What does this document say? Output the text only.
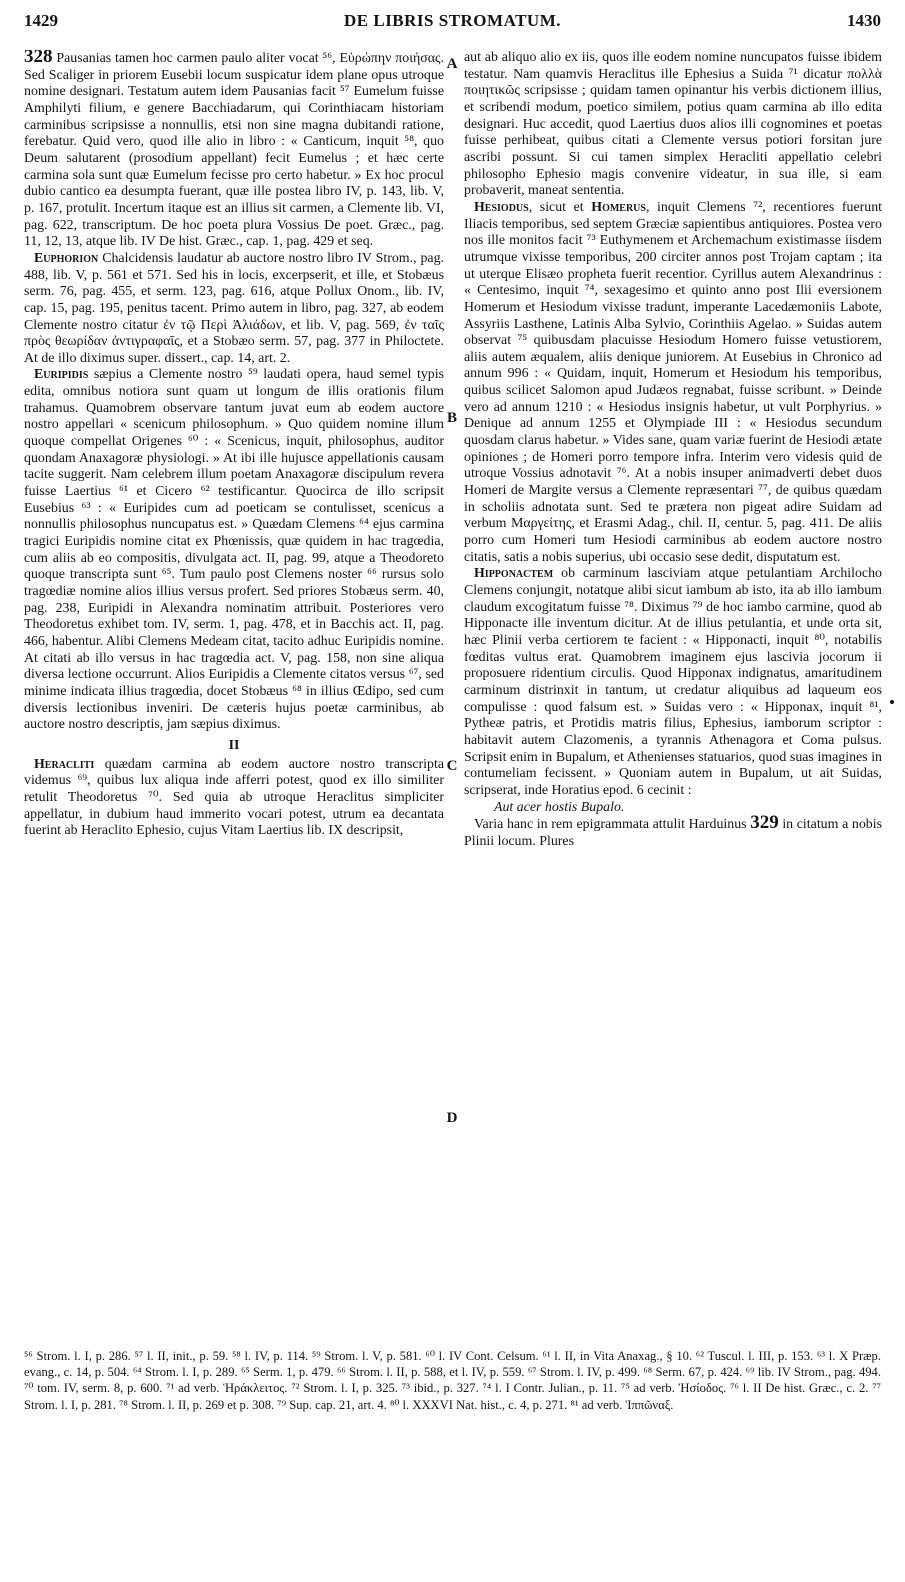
1429	DE LIBRIS STROMATUM.	1430
A
B
C
D

328 Pausanias tamen hoc carmen paulo aliter vocat ⁵⁶, Εὐρώπην ποιήσας. Sed Scaliger in priorem Eusebii locum suspicatur idem plane opus utroque nomine designari. Testatum autem idem Pausanias facit ⁵⁷ Eumelum fuisse Amphilyti filium, e genere Bacchiadarum, qui Corinthiacam historiam carminibus scripsisse a nonnullis, etsi non sine magna dubitandi ratione, ferebatur. Quid vero, quod ille alio in libro : « Canticum, inquit ⁵⁸, quo Deum salutarent (prosodium appellant) fecit Eumelus ; et hæc certe carmina sola sunt quæ Eumelum fecisse pro certo habetur. » Ex hoc procul dubio cantico ea desumpta fuerant, quæ ille postea libro IV, p. 143, lib. V, p. 167, protulit. Incertum itaque est an illius sit carmen, a Clemente lib. VI, pag. 622, transcriptum. De hoc poeta plura Vossius De poet. Græc., pag. 11, 12, 13, atque lib. IV De hist. Græc., cap. 1, pag. 429 et seq.

Euphorion Chalcidensis laudatur ab auctore nostro libro IV Strom., pag. 488, lib. V, p. 561 et 571. Sed his in locis, excerpserit, et ille, et Stobæus serm. 76, pag. 455, et serm. 123, pag. 616, atque Pollux Onom., lib. IV, cap. 15, pag. 195, penitus tacent. Primo autem in libro, pag. 327, ab eodem Clemente nostro citatur ἐν τῷ Περὶ Ἀλιάδων, et lib. V, pag. 569, ἐν ταῖς πρὸς θεωρίδαν ἀντιγραφαῖς, et a Stobæo serm. 57, pag. 377 in Philoctete. At de illo diximus super. dissert., cap. 14, art. 2.

Euripidis sæpius a Clemente nostro ⁵⁹ laudati opera, haud semel typis edita, omnibus notiora sunt quam ut longum de illis orationis filum trahamus. Quamobrem observare tantum juvat eum ab eodem auctore nostro appellari « scenicum philosophum. » Quo quidem nomine illum quoque compellat Origenes ⁶⁰ : « Scenicus, inquit, philosophus, auditor quondam Anaxagoræ physiologi. » At ibi ille hujusce appellationis causam tacite suggerit. Nam celebrem illum poetam Anaxagoræ discipulum revera fuisse Laertius ⁶¹ et Cicero ⁶² testificantur. Quocirca de illo scripsit Eusebius ⁶³ : « Euripides cum ad poeticam se contulisset, scenicus a nonnullis philosophus nuncupatus est. » Quædam Clemens ⁶⁴ ejus carmina tragici Euripidis nomine citat ex Phœnissis, quæ quidem in hac tragœdia, cum aliis ab eo compositis, divulgata act. II, pag. 99, atque a Theodoreto quoque transcripta sunt ⁶⁵. Tum paulo post Clemens noster ⁶⁶ rursus solo tragœdiæ nomine alios illius versus profert. Sed priores Stobæus serm. 40, pag. 238, Euripidi in Alexandra nominatim attribuit. Posteriores vero Theodoretus exhibet tom. IV, serm. 1, pag. 478, et in Bacchis act. II, pag. 466, habentur. Alibi Clemens Medeam citat, tacito adhuc Euripidis nomine. At citati ab illo versus in hac tragœdia act. V, pag. 158, non sine aliqua diversa lectione occurrunt. Alios Euripidis a Clemente citatos versus ⁶⁷, sed minime indicata illius tragœdia, docet Stobæus ⁶⁸ in illius Œdipo, sed cum diversis lectionibus inveniri. De cæteris hujus poetæ carminibus, ab auctore nostro descriptis, jam sæpius diximus.

II

Heracliti quædam carmina ab eodem auctore nostro transcripta videmus ⁶⁹, quibus lux aliqua inde afferri potest, quod ex illo similiter retulit Theodoretus ⁷⁰. Sed quia ab utroque Heraclitus simpliciter appellatur, in dubium haud immerito vocari potest, utrum ea decantata fuerint ab Heraclito Ephesio, cujus Vitam Laertius lib. IX descripsit,

aut ab aliquo alio ex iis, quos ille eodem nomine nuncupatos fuisse ibidem testatur. Nam quamvis Heraclitus ille Ephesius a Suida ⁷¹ dicatur πολλὰ ποιητικῶς scripsisse ; quidam tamen opinantur his verbis dictionem illius, et scribendi modum, poetico similem, potius quam carmina ab illo edita designari. Huc accedit, quod Laertius duos alios illi cognomines et poetas fuisse perhibeat, quibus citati a Clemente versus potiori forsitan jure ascribi possunt. Si cui tamen simplex Heracliti appellatio celebri philosopho Ephesio magis convenire videatur, in sua ille, si eam probaverit, maneat sententia.

Hesiodus, sicut et Homerus, inquit Clemens ⁷², recentiores fuerunt Iliacis temporibus, sed septem Græciæ sapientibus antiquiores. Postea vero nos ille monitos facit ⁷³ Euthymenem et Archemachum existimasse iisdem utrumque vixisse temporibus, 200 circiter annos post Trojam captam ; ita ut uterque Elisæo propheta fuerit recentior. Cyrillus autem Alexandrinus : « Centesimo, inquit ⁷⁴, sexagesimo et quinto anno post Ilii eversionem Homerum et Hesiodum vixisse tradunt, imperante Lacedæmoniis Labote, Assyriis Lasthene, Latinis Alba Sylvio, Corinthiis Agelao. » Suidas autem observat ⁷⁵ quibusdam placuisse Hesiodum Homero fuisse vetustiorem, aliis autem æqualem, aliis denique juniorem. At Eusebius in Chronico ad annum 996 : « Quidam, inquit, Homerum et Hesiodum his temporibus, quibus scilicet Salomon apud Judæos regnabat, fuisse scribunt. » Deinde vero ad annum 1210 : « Hesiodus insignis habetur, ut vult Porphyrius. » Denique ad annum 1255 et Olympiade III : « Hesiodus secundum quosdam clarus habetur. » Vides sane, quam variæ fuerint de Hesiodi ætate opiniones ; de Homeri porro tempore infra. Interim vero videsis quid de utroque Vossius adnotavit ⁷⁶. At a nobis insuper animadverti debet duos Homeri de Margite versus a Clemente repræsentari ⁷⁷, de quibus quædam in scholiis adnotata sunt. Sed te prætera non pigeat adire Suidam ad verbum Μαργείτης, et Erasmi Adag., chil. II, centur. 5, pag. 411. De aliis porro cum Homeri tum Hesiodi carminibus ab eodem auctore nostro citatis, satis a nobis superius, ubi occasio sese dedit, disputatum est.

Hipponactem ob carminum lasciviam atque petulantiam Archilocho Clemens conjungit, notatque alibi sicut iambum ab isto, ita ab illo iambum claudum excogitatum fuisse ⁷⁸. Diximus ⁷⁹ de hoc iambo carmine, quod ab Hipponacte ille inventum dicitur. At de illius petulantia, et unde orta sit, hæc Plinii verba certiorem te facient : « Hipponacti, inquit ⁸⁰, notabilis fœditas vultus erat. Quamobrem imaginem ejus lascivia jocorum ii proposuere ridentium circulis. Quod Hipponax indignatus, amaritudinem carminum distrinxit in tantum, ut credatur aliquibus ad laqueum eos compulisse : quod falsum est. » Suidas vero : « Hipponax, inquit ⁸¹, Pytheæ patris, et Protidis matris filius, Ephesius, iamborum scriptor : habitavit autem Clazomenis, a tyrannis Athenagora et Coma pulsus. Scripsit enim in Bupalum, et Athenienses statuarios, quod suas imagines in contumeliam fecissent. » Quoniam autem in Bupalum, ut ait Suidas, scripserat, inde Horatius epod. 6 cecinit :

Aut acer hostis Bupalo.

Varia hanc in rem epigrammata attulit Harduinus 329 in citatum a nobis Plinii locum. Plures

⁵⁶ Strom. l. I, p. 286. ⁵⁷ l. II, init., p. 59. ⁵⁸ l. IV, p. 114. ⁵⁹ Strom. l. V, p. 581. ⁶⁰ l. IV Cont. Celsum. ⁶¹ l. II, in Vita Anaxag., § 10. ⁶² Tuscul. l. III, p. 153. ⁶³ l. X Præp. evang., c. 14, p. 504. ⁶⁴ Strom. l. I, p. 289. ⁶⁵ Serm. 1, p. 479. ⁶⁶ Strom. l. II, p. 588, et l. IV, p. 559. ⁶⁷ Strom. l. IV, p. 499. ⁶⁸ Serm. 67, p. 424. ⁶⁹ lib. IV Strom., pag. 494. ⁷⁰ tom. IV, serm. 8, p. 600. ⁷¹ ad verb. Ἡράκλειτος. ⁷² Strom. l. I, p. 325. ⁷³ ibid., p. 327. ⁷⁴ l. I Contr. Julian., p. 11. ⁷⁵ ad verb. Ἡσίοδος. ⁷⁶ l. II De hist. Græc., c. 2. ⁷⁷ Strom. l. I, p. 281. ⁷⁸ Strom. l. II, p. 269 et p. 308. ⁷⁹ Sup. cap. 21, art. 4. ⁸⁰ l. XXXVI Nat. hist., c. 4, p. 271. ⁸¹ ad verb. Ἱππῶναξ.
